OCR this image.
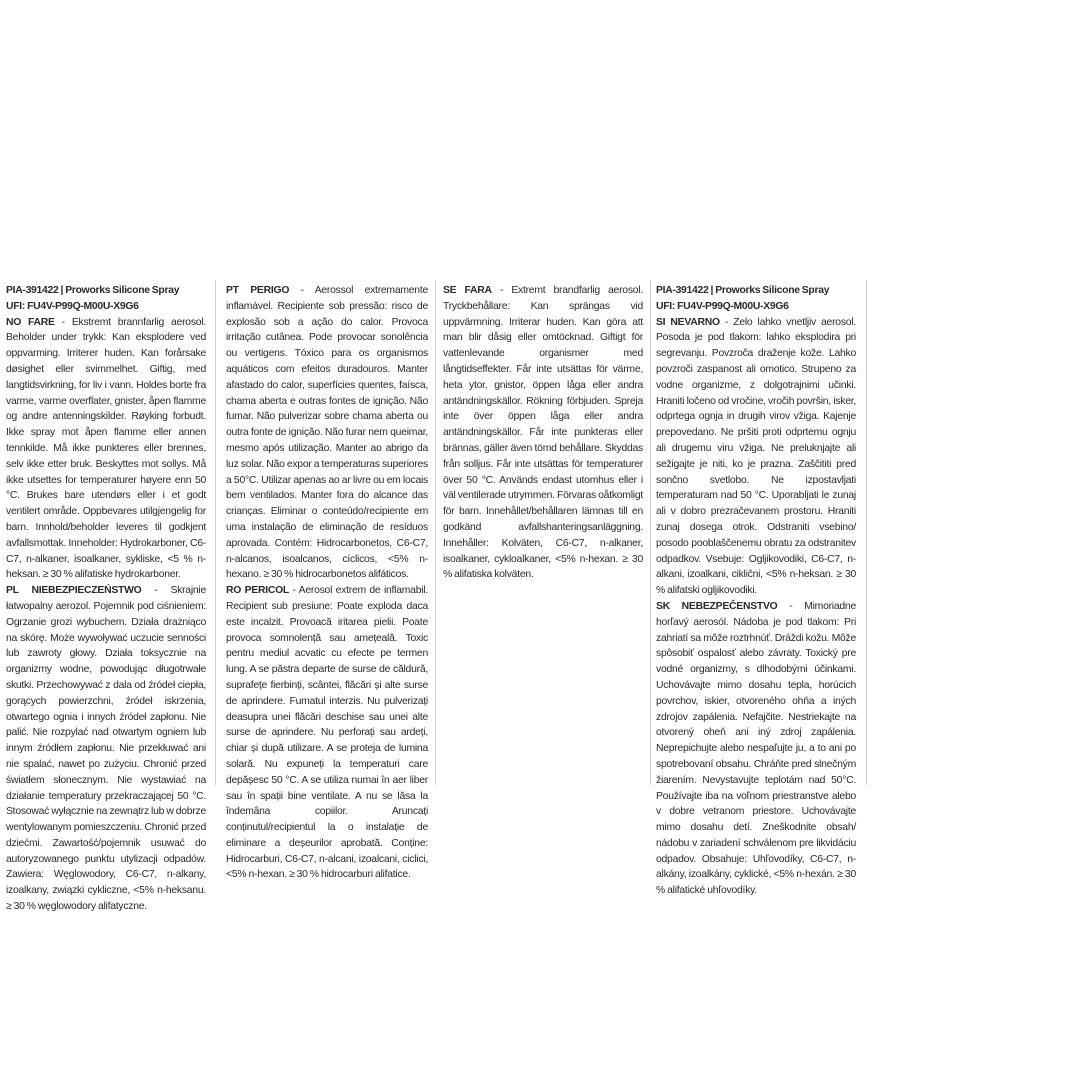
PIA-391422 | Proworks Silicone Spray

UFI: FU4V-P99Q-M00U-X9G6

NO FARE - Ekstremt brannfarlig aerosol. Beholder under trykk: Kan eksplodere ved oppvarming. Irriterer huden. Kan forårsake døsighet eller svimmelhet. Giftig, med langtidsvirkning, for liv i vann. Holdes borte fra varme, varme overflater, gnister, åpen flamme og andre antenningskilder. Røyking forbudt. Ikke spray mot åpen flamme eller annen tennkilde. Må ikke punkteres eller brennes, selv ikke etter bruk. Beskyttes mot sollys. Må ikke utsettes for temperaturer høyere enn 50 °C. Brukes bare utendørs eller i et godt ventilert område. Oppbevares utilgjengelig for barn. Innhold/beholder leveres til godkjent avfallsmottak. Inneholder: Hydrokarboner, C6-C7, n-alkaner, isoalkaner, sykliske, <5 % n-heksan. ≥ 30 % alifatiske hydrokarboner.

PL NIEBEZPIECZEŃSTWO - Skrajnie łatwopalny aerozol. Pojemnik pod ciśnieniem: Ogrzanie grozi wybuchem. Działa drażniąco na skórę. Może wywoływać uczucie senności lub zawroty głowy. Działa toksycznie na organizmy wodne, powodując długotrwałe skutki. Przechowywać z dala od źródeł ciepła, gorących powierzchni, źródeł iskrzenia, otwartego ognia i innych źródeł zapłonu. Nie palić. Nie rozpylać nad otwartym ogniem lub innym źródłem zapłonu. Nie przekłuwać ani nie spalać, nawet po zużyciu. Chronić przed światłem słonecznym. Nie wystawiać na działanie temperatury przekraczającej 50 °C. Stosować wyłącznie na zewnątrz lub w dobrze wentylowanym pomieszczeniu. Chronić przed dziećmi. Zawartość/pojemnik usuwać do autoryzowanego punktu utylizacji odpadów. Zawiera: Węglowodory, C6-C7, n-alkany, izoalkany, związki cykliczne, <5% n-heksanu. ≥ 30 % węglowodory alifatyczne.

PT PERIGO - Aerossol extremamente inflamável. Recipiente sob pressão: risco de explosão sob a ação do calor. Provoca irritação cutânea. Pode provocar sonolência ou vertigens. Tóxico para os organismos aquáticos com efeitos duradouros. Manter afastado do calor, superfícies quentes, faísca, chama aberta e outras fontes de ignição. Não fumar. Não pulverizar sobre chama aberta ou outra fonte de ignição. Não furar nem queimar, mesmo após utilização. Manter ao abrigo da luz solar. Não expor a temperaturas superiores a 50°C. Utilizar apenas ao ar livre ou em locais bem ventilados. Manter fora do alcance das crianças. Eliminar o conteúdo/recipiente em uma instalação de eliminação de resíduos aprovada. Contém: Hidrocarbonetos, C6-C7, n-alcanos, isoalcanos, cíclicos, <5% n-hexano. ≥ 30 % hidrocarbonetos alifáticos.

RO PERICOL - Aerosol extrem de inflamabil. Recipient sub presiune: Poate exploda daca este incalzit. Provoacă iritarea pielii. Poate provoca somnolență sau amețeală. Toxic pentru mediul acvatic cu efecte pe termen lung. A se păstra departe de surse de căldură, suprafețe fierbinți, scântei, flăcări și alte surse de aprindere. Fumatul interzis. Nu pulverizați deasupra unei flăcări deschise sau unei alte surse de aprindere. Nu perforați sau ardeți, chiar și după utilizare. A se proteja de lumina solară. Nu expuneți la temperaturi care depășesc 50 °C. A se utiliza numai în aer liber sau în spații bine ventilate. A nu se lăsa la îndemâna copiilor. Aruncați conținutul/recipientul la o instalație de eliminare a deșeurilor aprobată. Conține: Hidrocarburi, C6-C7, n-alcani, izoalcani, ciclici, <5% n-hexan. ≥ 30 % hidrocarburi alifatice.

SE FARA - Extremt brandfarlig aerosol. Tryckbehållare: Kan sprängas vid uppvärmning. Irriterar huden. Kan göra att man blir dåsig eller omtöcknad. Giftigt för vattenlevande organismer med långtidseffekter. Får inte utsättas för värme, heta ytor, gnistor, öppen låga eller andra antändningskällor. Rökning förbjuden. Spreja inte över öppen låga eller andra antändningskällor. Får inte punkteras eller brännas, gäller även tömd behållare. Skyddas från solljus. Får inte utsättas för temperaturer över 50 °C. Används endast utomhus eller i väl ventilerade utrymmen. Förvaras oåtkomligt för barn. Innehållet/behållaren lämnas till en godkänd avfallshanteringsanläggning. Innehåller: Kolväten, C6-C7, n-alkaner, isoalkaner, cykloalkaner, <5% n-hexan. ≥ 30 % alifatiska kolväten.

PIA-391422 | Proworks Silicone Spray

UFI: FU4V-P99Q-M00U-X9G6

SI NEVARNO - Zelo lahko vnetljiv aerosol. Posoda je pod tlakom: lahko eksplodira pri segrevanju. Povzroča draženje kože. Lahko povzroči zaspanost ali omotico. Strupeno za vodne organizme, z dolgotrajnimi učinki. Hraniti ločeno od vročine, vročih površin, isker, odprtega ognja in drugih virov vžiga. Kajenje prepovedano. Ne pršiti proti odprtemu ognju ali drugemu viru vžiga. Ne preluknjajte ali sežigajte je niti, ko je prazna. Zaščititi pred sončno svetlobo. Ne izpostavljati temperaturam nad 50 °C. Uporabljati le zunaj ali v dobro prezračevanem prostoru. Hraniti zunaj dosega otrok. Odstraniti vsebino/ posodo pooblaščenemu obratu za odstranitev odpadkov. Vsebuje: Ogljikovodiki, C6-C7, n-alkani, izoalkani, ciklični, <5% n-heksan. ≥ 30 % alifatski ogljikovodiki.

SK NEBEZPEČENSTVO - Mimoriadne horľavý aerosól. Nádoba je pod tlakom: Pri zahriatí sa môže roztrhnúť. Dráždi kožu. Môže spôsobiť ospalosť alebo závraty. Toxický pre vodné organizmy, s dlhodobými účinkami. Uchovávajte mimo dosahu tepla, horúcich povrchov, iskier, otvoreného ohňa a iných zdrojov zapálenia. Nefajčite. Nestriekajte na otvorený oheň ani iný zdroj zapálenia. Neprepichujte alebo nespaľujte ju, a to ani po spotrebovaní obsahu. Chráňte pred slnečným žiarením. Nevystavujte teplotám nad 50°C. Používajte iba na voľnom priestranstve alebo v dobre vetranom priestore. Uchovávajte mimo dosahu detí. Zneškodnite obsah/ nádobu v zariadení schválenom pre likvidáciu odpadov. Obsahuje: Uhľovodíky, C6-C7, n-alkány, izoalkány, cyklické, <5% n-hexán. ≥ 30 % alifatické uhľovodíky.
